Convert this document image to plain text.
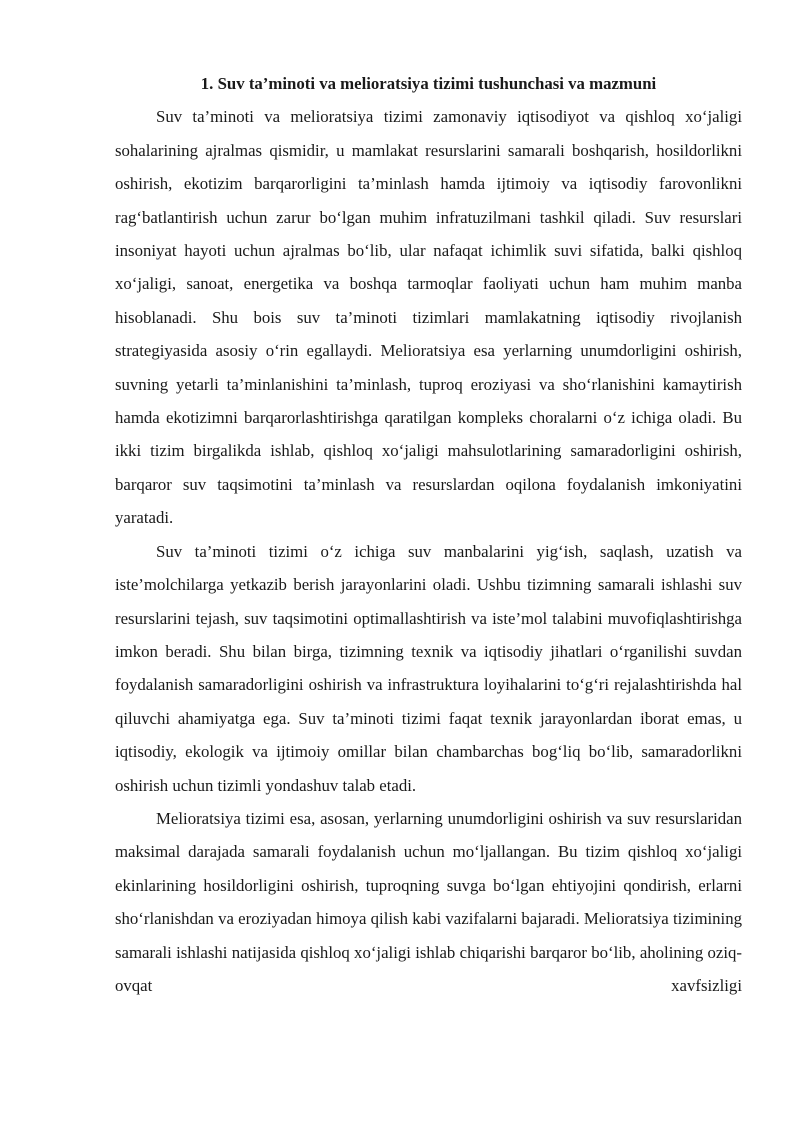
1. Suv ta’minoti va melioratsiya tizimi tushunchasi va mazmuni

Suv ta’minoti va melioratsiya tizimi zamonaviy iqtisodiyot va qishloq xo‘jaligi sohalarining ajralmas qismidir, u mamlakat resurslarini samarali boshqarish, hosildorlikni oshirish, ekotizim barqarorligini ta’minlash hamda ijtimoiy va iqtisodiy farovonlikni rag‘batlantirish uchun zarur bo‘lgan muhim infratuzilmani tashkil qiladi. Suv resurslari insoniyat hayoti uchun ajralmas bo‘lib, ular nafaqat ichimlik suvi sifatida, balki qishloq xo‘jaligi, sanoat, energetika va boshqa tarmoqlar faoliyati uchun ham muhim manba hisoblanadi. Shu bois suv ta’minoti tizimlari mamlakatning iqtisodiy rivojlanish strategiyasida asosiy o‘rin egallaydi. Melioratsiya esa yerlarning unumdorligini oshirish, suvning yetarli ta’minlanishini ta’minlash, tuproq eroziyasi va sho‘rlanishini kamaytirish hamda ekotizimni barqarorlashtirishga qaratilgan kompleks choralarni o‘z ichiga oladi. Bu ikki tizim birgalikda ishlab, qishloq xo‘jaligi mahsulotlarining samaradorligini oshirish, barqaror suv taqsimotini ta’minlash va resurslardan oqilona foydalanish imkoniyatini yaratadi.

Suv ta’minoti tizimi o‘z ichiga suv manbalarini yig‘ish, saqlash, uzatish va iste’molchilarga yetkazib berish jarayonlarini oladi. Ushbu tizimning samarali ishlashi suv resurslarini tejash, suv taqsimotini optimallashtirish va iste’mol talabini muvofiqlashtirishga imkon beradi. Shu bilan birga, tizimning texnik va iqtisodiy jihatlari o‘rganilishi suvdan foydalanish samaradorligini oshirish va infrastruktura loyihalarini to‘g‘ri rejalashtirishda hal qiluvchi ahamiyatga ega. Suv ta’minoti tizimi faqat texnik jarayonlardan iborat emas, u iqtisodiy, ekologik va ijtimoiy omillar bilan chambarchas bog‘liq bo‘lib, samaradorlikni oshirish uchun tizimli yondashuv talab etadi.

Melioratsiya tizimi esa, asosan, yerlarning unumdorligini oshirish va suv resurslaridan maksimal darajada samarali foydalanish uchun mo‘ljallangan. Bu tizim qishloq xo‘jaligi ekinlarining hosildorligini oshirish, tuproqning suvga bo‘lgan ehtiyojini qondirish, erlarni sho‘rlanishdan va eroziyadan himoya qilish kabi vazifalarni bajaradi. Melioratsiya tizimining samarali ishlashi natijasida qishloq xo‘jaligi ishlab chiqarishi barqaror bo‘lib, aholining oziq-ovqat xavfsizligi
